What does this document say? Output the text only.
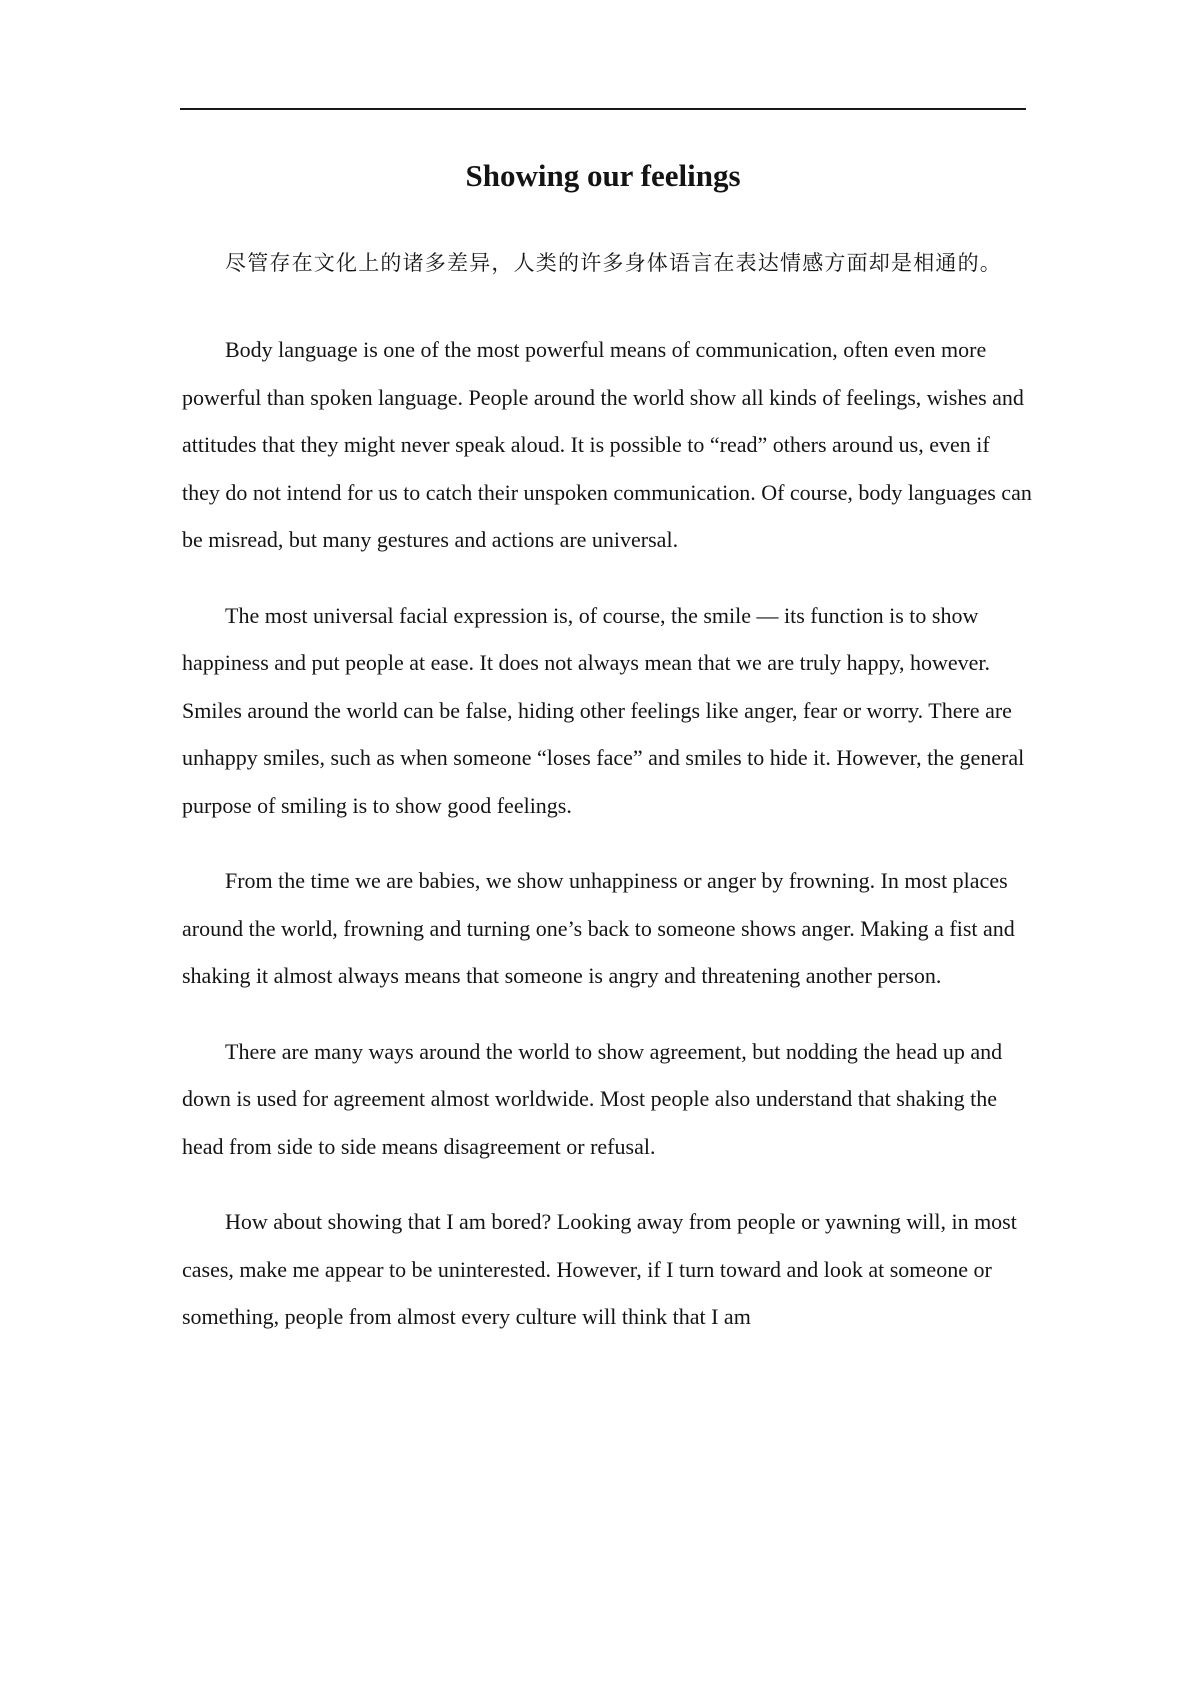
Showing our feelings

尽管存在文化上的诸多差异，人类的许多身体语言在表达情感方面却是相通的。

Body language is one of the most powerful means of communication, often even more powerful than spoken language. People around the world show all kinds of feelings, wishes and attitudes that they might never speak aloud. It is possible to “read” others around us, even if they do not intend for us to catch their unspoken communication. Of course, body languages can be misread, but many gestures and actions are universal.

The most universal facial expression is, of course, the smile — its function is to show happiness and put people at ease. It does not always mean that we are truly happy, however. Smiles around the world can be false, hiding other feelings like anger, fear or worry. There are unhappy smiles, such as when someone “loses face” and smiles to hide it. However, the general purpose of smiling is to show good feelings.

From the time we are babies, we show unhappiness or anger by frowning. In most places around the world, frowning and turning one’s back to someone shows anger. Making a fist and shaking it almost always means that someone is angry and threatening another person.

There are many ways around the world to show agreement, but nodding the head up and down is used for agreement almost worldwide. Most people also understand that shaking the head from side to side means disagreement or refusal.

How about showing that I am bored? Looking away from people or yawning will, in most cases, make me appear to be uninterested. However, if I turn toward and look at someone or something, people from almost every culture will think that I am
